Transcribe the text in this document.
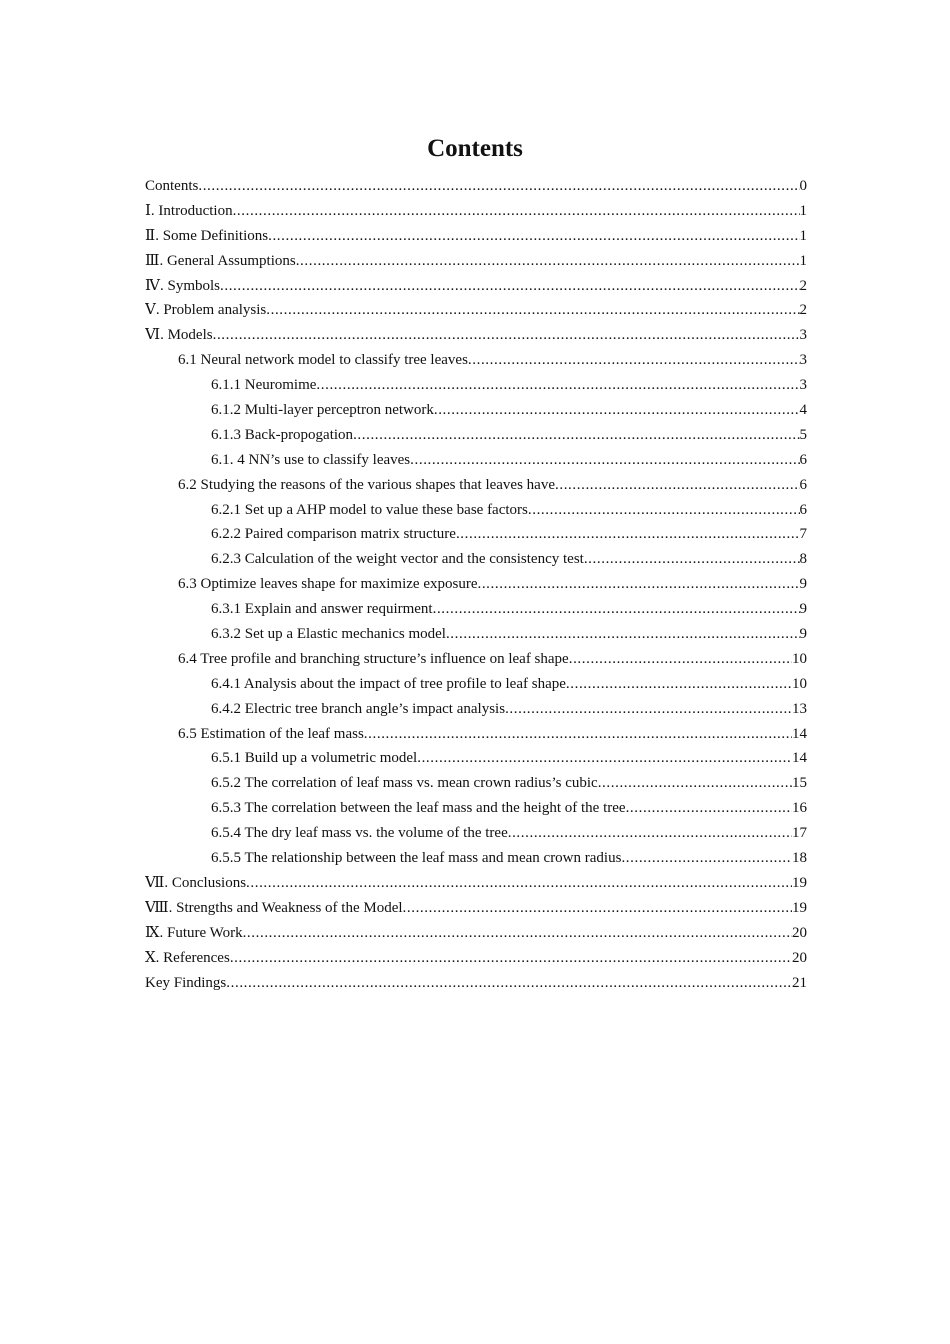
Contents
Contents .....	0
Ⅰ. Introduction .....	1
Ⅱ. Some Definitions .....	1
Ⅲ. General Assumptions .....	1
Ⅳ. Symbols .....	2
Ⅴ. Problem analysis .....	2
Ⅵ. Models .....	3
6.1 Neural network model to classify tree leaves .....	3
6.1.1 Neuromime .....	3
6.1.2 Multi-layer perceptron network .....	4
6.1.3 Back-propogation .....	5
6.1. 4 NN’s use to classify leaves .....	6
6.2 Studying the reasons of the various shapes that leaves have .....	6
6.2.1 Set up a AHP model to value these base factors .....	6
6.2.2 Paired comparison matrix structure .....	7
6.2.3 Calculation of the weight vector and the consistency test .....	8
6.3 Optimize leaves shape for maximize exposure .....	9
6.3.1 Explain and answer requirment .....	9
6.3.2 Set up a Elastic mechanics model .....	9
6.4 Tree profile and branching structure’s influence on leaf shape .....	10
6.4.1 Analysis about the impact of tree profile to leaf shape .....	10
6.4.2 Electric tree branch angle’s impact analysis .....	13
6.5 Estimation of the leaf mass .....	14
6.5.1 Build up a volumetric model .....	14
6.5.2 The correlation of leaf mass vs. mean crown radius’s cubic .....	15
6.5.3 The correlation between the leaf mass and the height of the tree .....	16
6.5.4 The dry leaf mass vs. the volume of the tree .....	17
6.5.5 The relationship between the leaf mass and mean crown radius .....	18
Ⅶ. Conclusions .....	19
Ⅷ. Strengths and Weakness of the Model .....	19
Ⅸ. Future Work .....	20
Ⅹ. References .....	20
Key Findings .....	21
